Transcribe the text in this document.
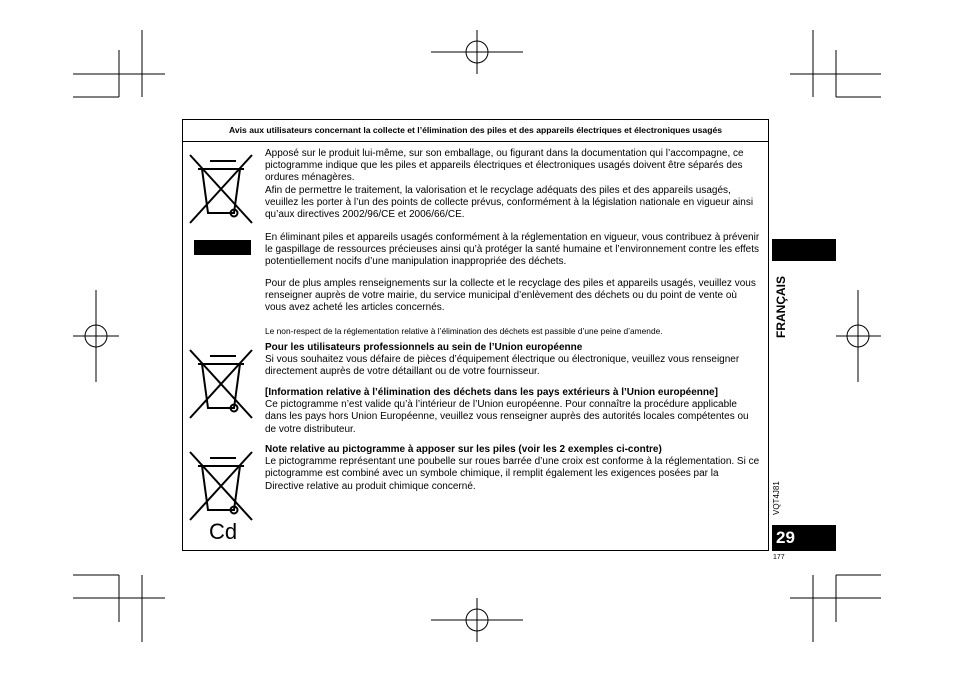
Avis aux utilisateurs concernant la collecte et l’élimination des piles et des appareils électriques et électroniques usagés
Cd

Apposé sur le produit lui-même, sur son emballage, ou figurant dans la documentation qui l’accompagne, ce pictogramme indique que les piles et appareils électriques et électroniques usagés doivent être séparés des ordures ménagères.

Afin de permettre le traitement, la valorisation et le recyclage adéquats des piles et des appareils usagés, veuillez les porter à l’un des points de collecte prévus, conformément à la législation nationale en vigueur ainsi qu’aux directives 2002/96/CE et 2006/66/CE.

En éliminant piles et appareils usagés conformément à la réglementation en vigueur, vous contribuez à prévenir le gaspillage de ressources précieuses ainsi qu’à protéger la santé humaine et l’environnement contre les effets potentiellement nocifs d’une manipulation inappropriée des déchets.

Pour de plus amples renseignements sur la collecte et le recyclage des piles et appareils usagés, veuillez vous renseigner auprès de votre mairie, du service municipal d’enlèvement des déchets ou du point de vente où vous avez acheté les articles concernés.

Le non-respect de la réglementation relative à l’élimination des déchets est passible d’une peine d’amende.

Pour les utilisateurs professionnels au sein de l’Union européenne

Si vous souhaitez vous défaire de pièces d’équipement électrique ou électronique, veuillez vous renseigner directement auprès de votre détaillant ou de votre fournisseur.

[Information relative à l’élimination des déchets dans les pays extérieurs à l’Union européenne]

Ce pictogramme n’est valide qu’à l’intérieur de l’Union européenne. Pour connaître la procédure applicable dans les pays hors Union Européenne, veuillez vous renseigner auprès des autorités locales compétentes ou de votre distributeur.

Note relative au pictogramme à apposer sur les piles (voir les 2 exemples ci-contre)

Le pictogramme représentant une poubelle sur roues barrée d’une croix est conforme à la réglementation. Si ce pictogramme est combiné avec un symbole chimique, il remplit également les exigences posées par la Directive relative au produit chimique concerné.

FRANÇAIS
VQT4J81
29
177
